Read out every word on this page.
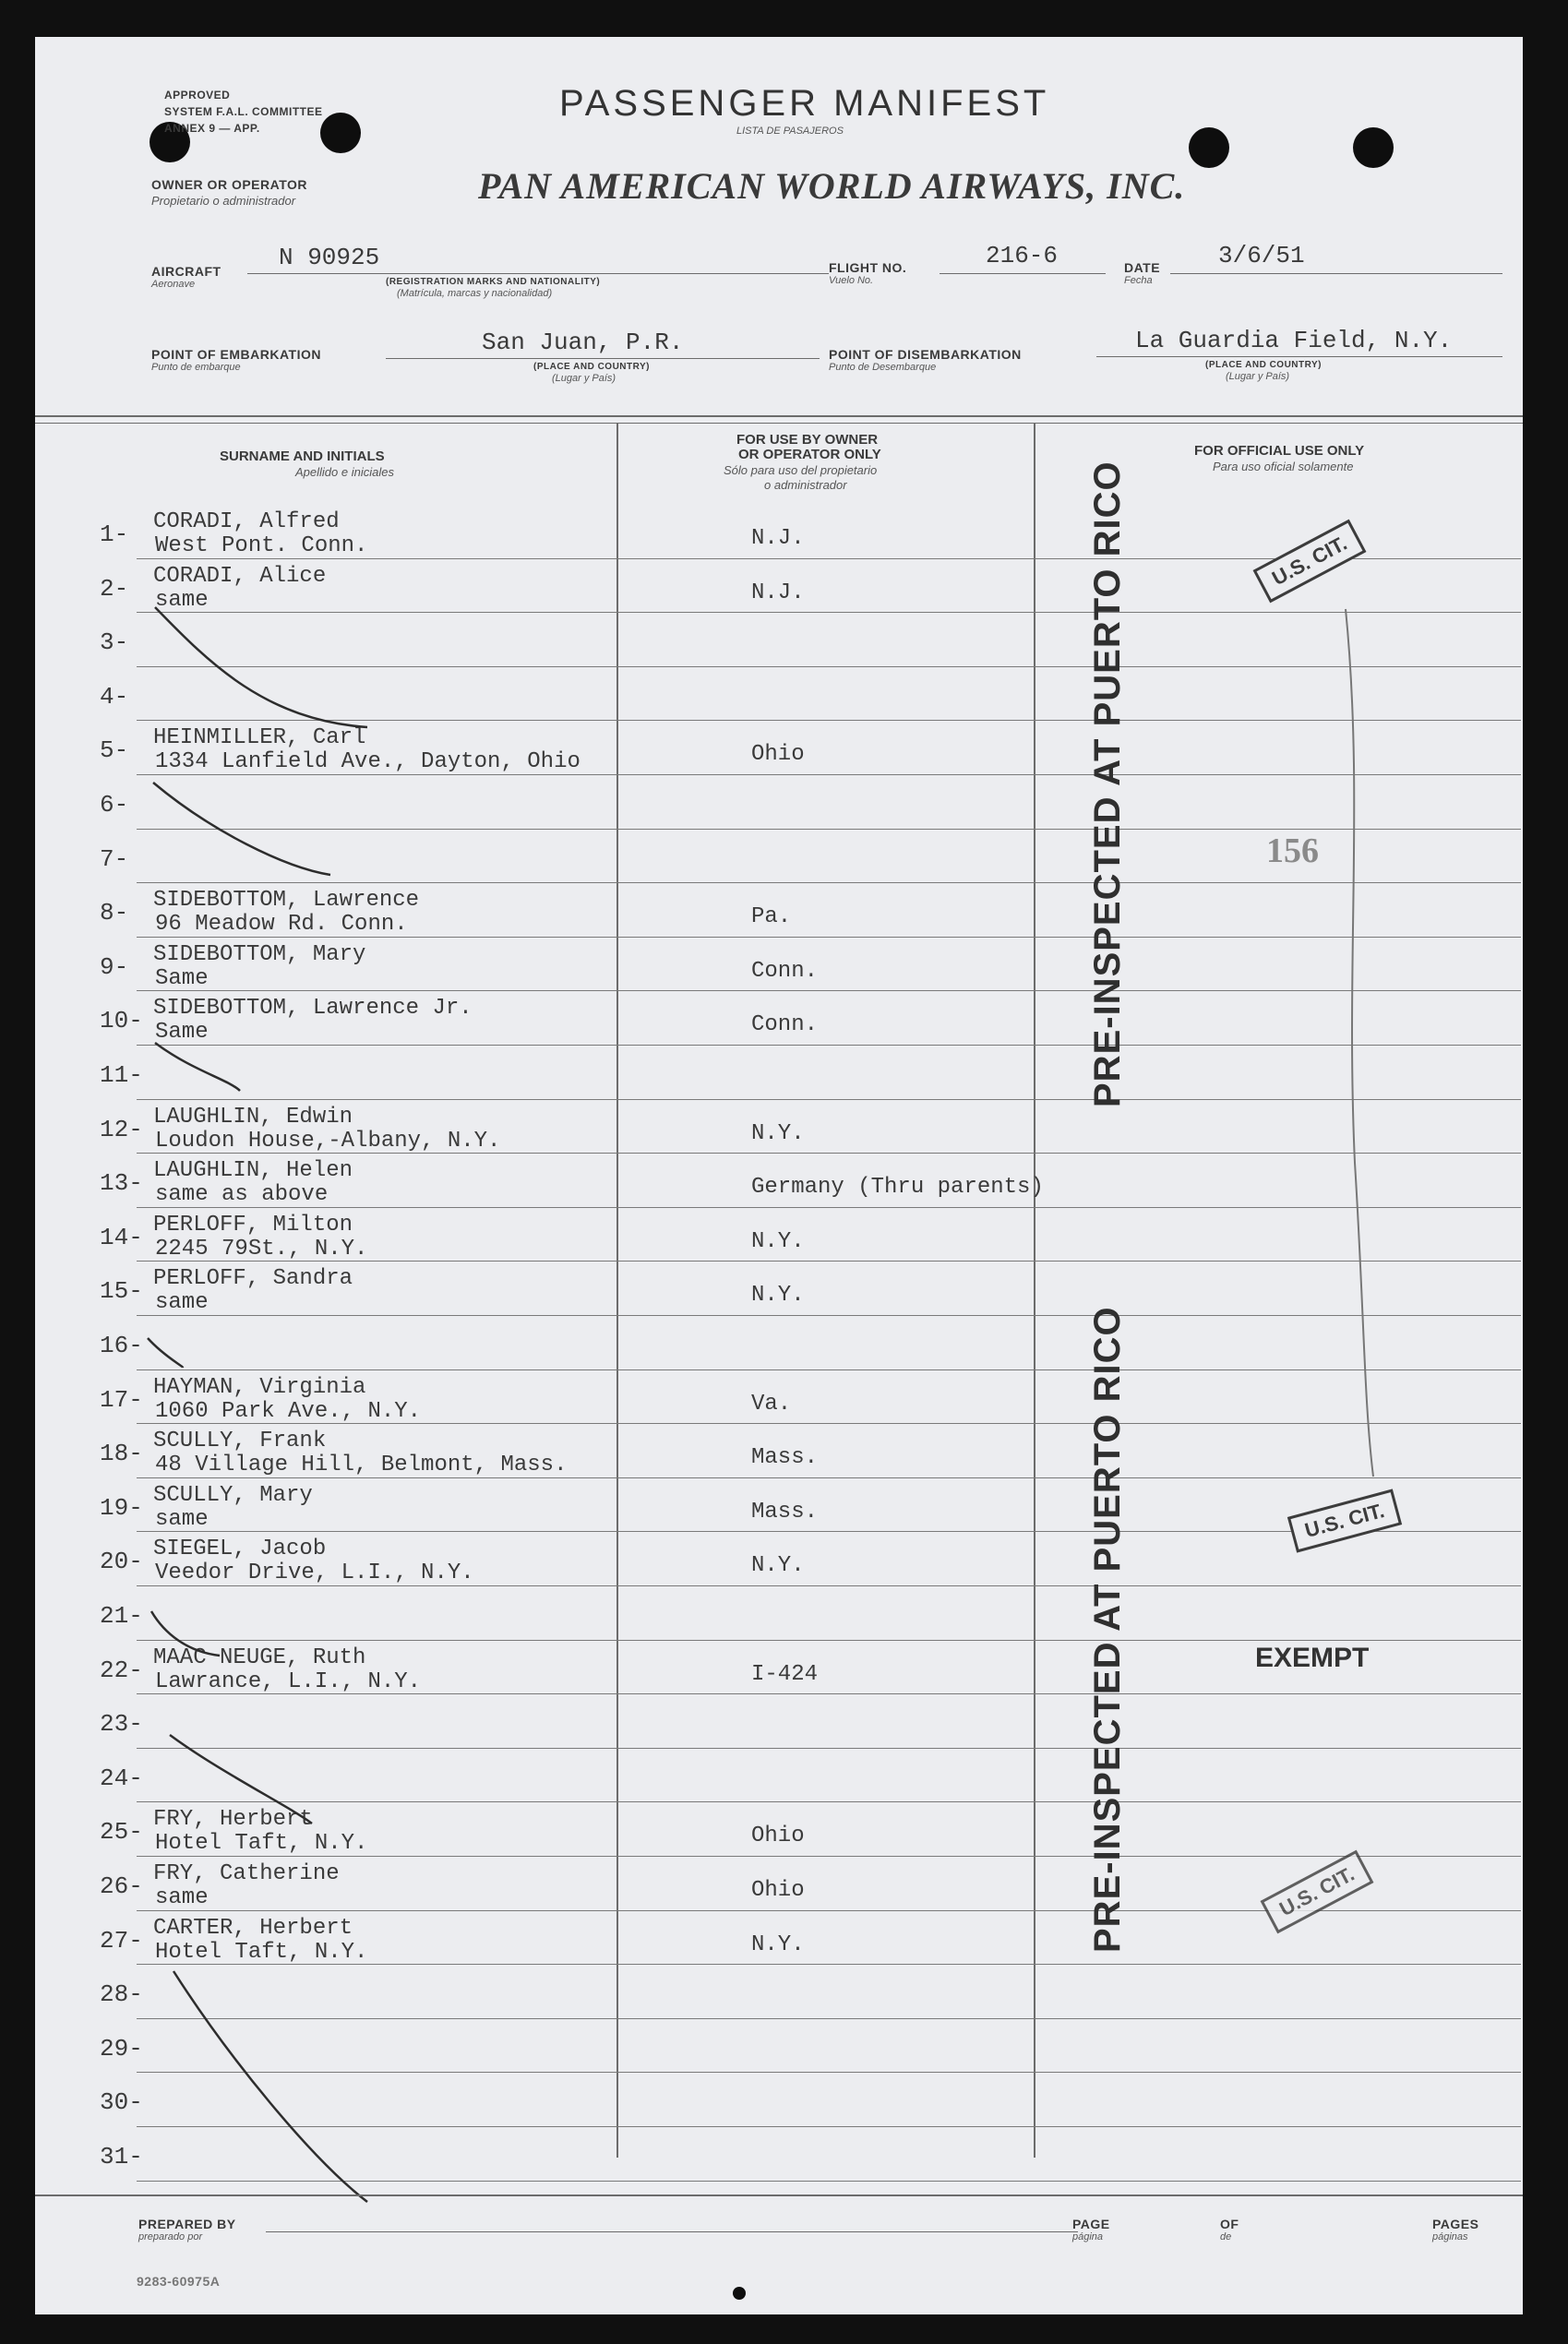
APPROVED
SYSTEM F.A.L. COMMITTEE
ANNEX 9 — APP.
PASSENGER MANIFEST
LISTA DE PASAJEROS
OWNER OR OPERATOR
Propietario o administrador	PAN AMERICAN WORLD AIRWAYS, INC.
AIRCRAFT
Aeronave
N 90925
(REGISTRATION MARKS AND NATIONALITY)
(Matrícula, marcas y nacionalidad)
FLIGHT NO.
Vuelo No.
216-6	DATE
Fecha
3/6/51
POINT OF EMBARKATION
Punto de embarque
San Juan, P.R.
(PLACE AND COUNTRY)
(Lugar y País)
POINT OF DISEMBARKATION
Punto de Desembarque
La Guardia Field, N.Y.
(PLACE AND COUNTRY)
(Lugar y País)
SURNAME AND INITIALS
Apellido e iniciales
FOR USE BY OWNER
OR OPERATOR ONLY
Sólo para uso del propietario
o administrador
FOR OFFICIAL USE ONLY
Para uso oficial solamente
1- CORADI, Alfred
West Pont. Conn.	N.J.
2- CORADI, Alice
same	N.J.
3-
4-
5- HEINMILLER, Carl
1334 Lanfield Ave., Dayton, Ohio	Ohio
6-
7-
8- SIDEBOTTOM, Lawrence
96 Meadow Rd. Conn.	Pa.
9- SIDEBOTTOM, Mary
Same	Conn.
10- SIDEBOTTOM, Lawrence Jr.
Same	Conn.
11-
12- LAUGHLIN, Edwin
Loudon House,-Albany, N.Y.	N.Y.
13- LAUGHLIN, Helen
same as above	Germany (Thru parents)
14- PERLOFF, Milton
2245 79St., N.Y.	N.Y.
15- PERLOFF, Sandra
same	N.Y.
16-
17- HAYMAN, Virginia
1060 Park Ave., N.Y.	Va.
18- SCULLY, Frank
48 Village Hill, Belmont, Mass.	Mass.
19- SCULLY, Mary
same	Mass.
20- SIEGEL, Jacob
Veedor Drive, L.I., N.Y.	N.Y.
21-
22- MAAC NEUGE, Ruth
Lawrance, L.I., N.Y.	I-424
23-
24-
25- FRY, Herbert
Hotel Taft, N.Y.	Ohio
26- FRY, Catherine
same	Ohio
27- CARTER, Herbert
Hotel Taft, N.Y.	N.Y.
28-
29-
30-
31-
PRE-INSPECTED AT PUERTO RICO
PRE-INSPECTED AT PUERTO RICO
U.S. CIT.
U.S. CIT.
U.S. CIT.
156
EXEMPT
PREPARED BY
preparado por
PAGE
página
OF
de
PAGES
páginas
9283-60975A
